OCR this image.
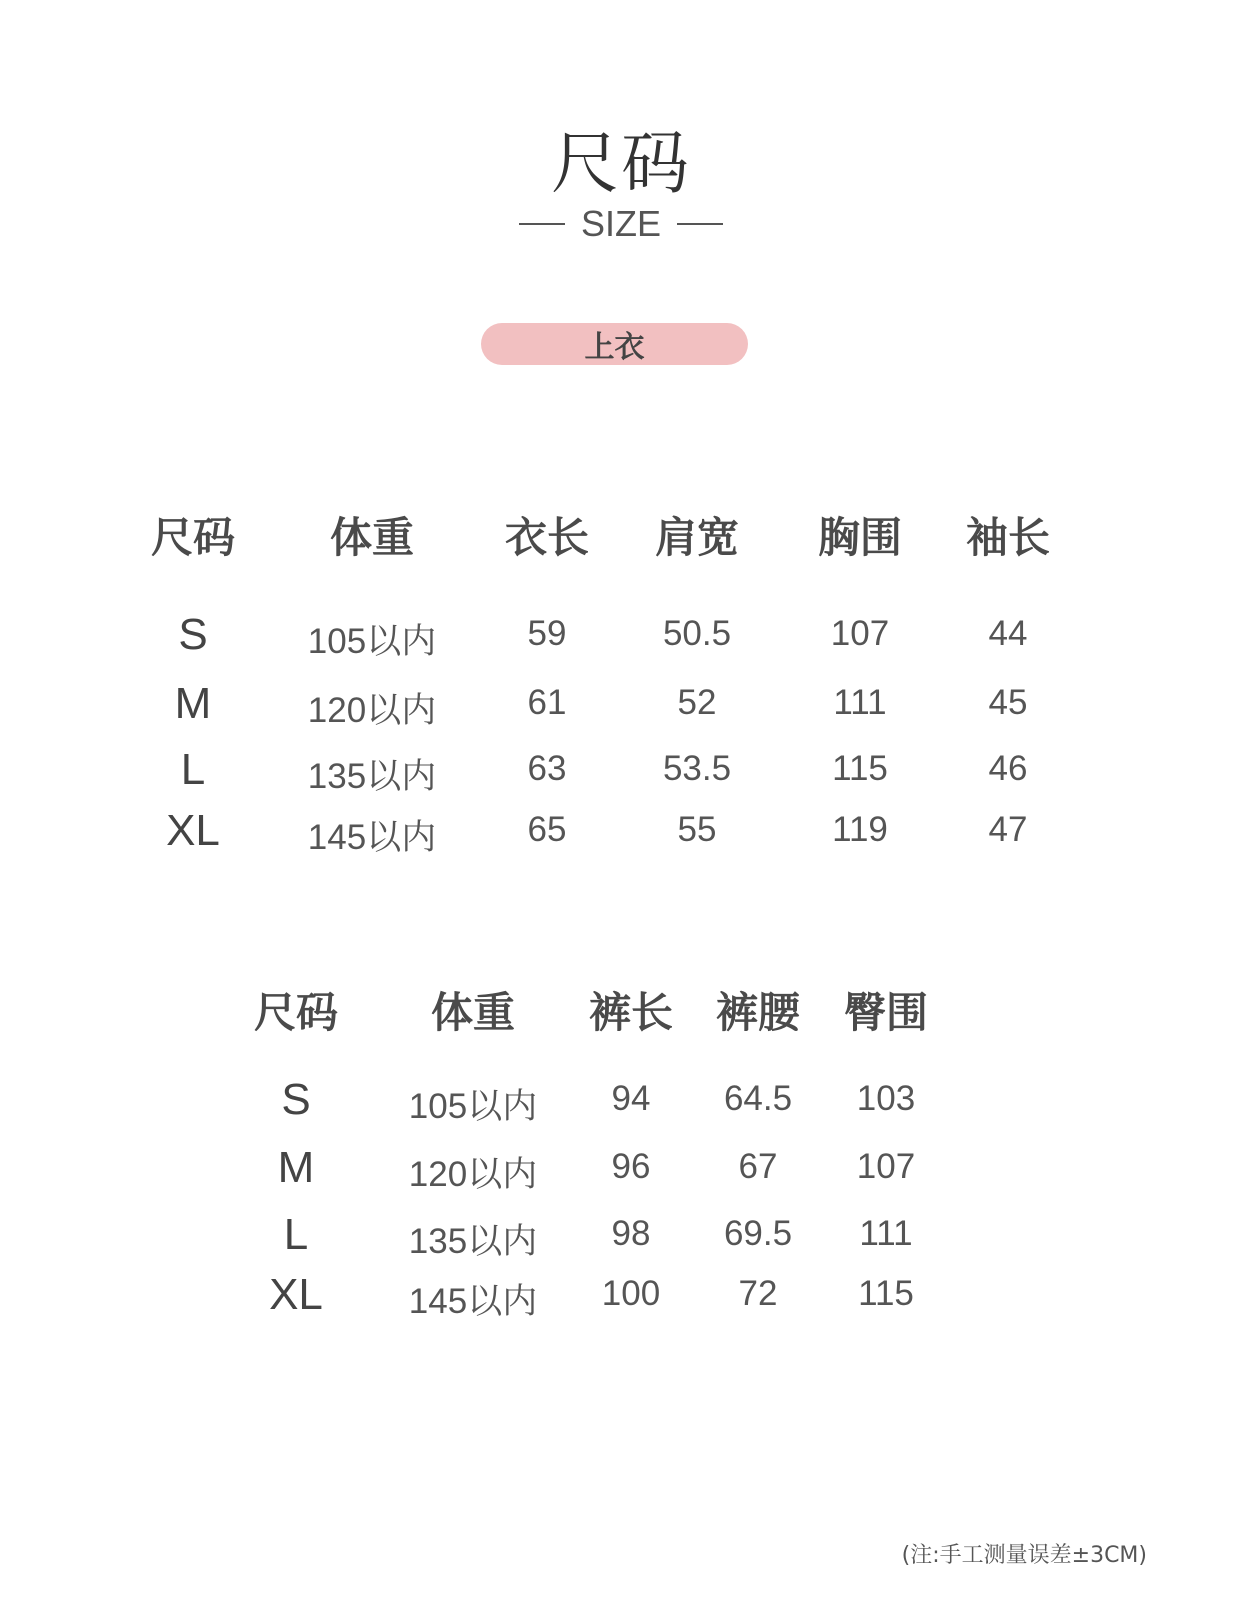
尺码
SIZE
上衣
尺码 体重 衣长 肩宽 胸围 袖长
S	105以内	59	50.5	107	44
M	120以内	61	52	111	45
L	135以内	63	53.5	115	46
XL	145以内	65	55	119	47
尺码 体重 裤长 裤腰 臀围
S	105以内 94 64.5 103
M	120以内 96	67 107
L	135以内 98 69.5 111
XL 145以内 100 72 115
(注:手工测量误差±3CM)
